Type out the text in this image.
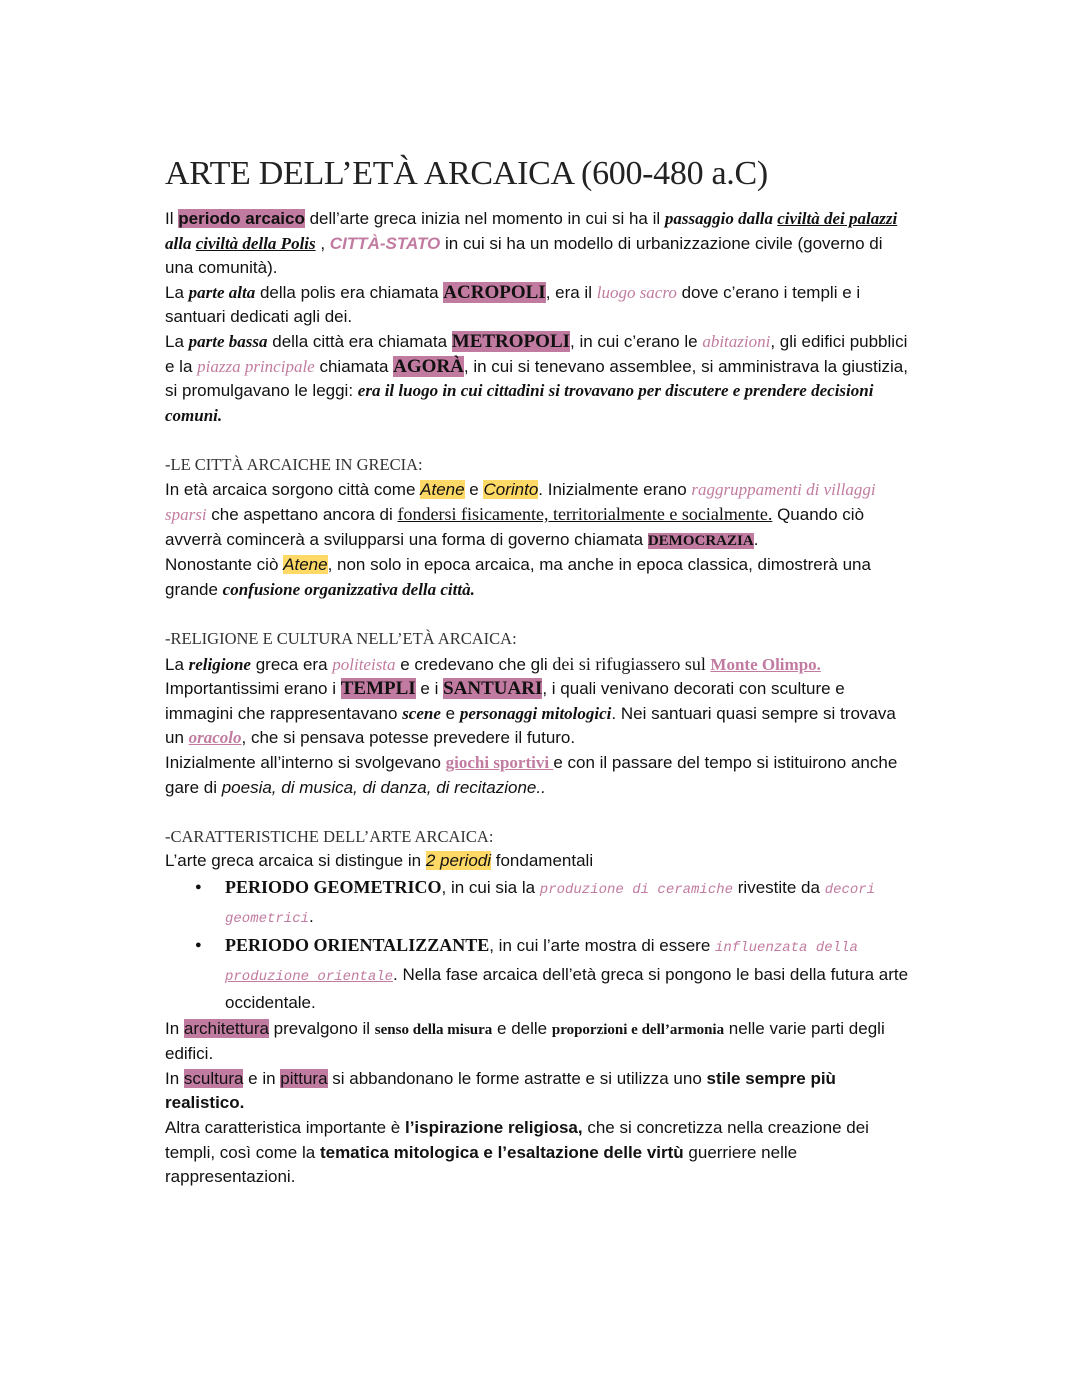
ARTE DELL’ETÀ ARCAICA (600-480 a.C)

Il periodo arcaico dell’arte greca inizia nel momento in cui si ha il passaggio dalla civiltà dei palazzi alla civiltà della Polis , CITTÀ-STATO in cui si ha un modello di urbanizzazione civile (governo di una comunità).

La parte alta della polis era chiamata ACROPOLI, era il luogo sacro dove c’erano i templi e i santuari dedicati agli dei.

La parte bassa della città era chiamata METROPOLI, in cui c’erano le abitazioni, gli edifici pubblici e la piazza principale chiamata AGORÀ, in cui si tenevano assemblee, si amministrava la giustizia, si promulgavano le leggi: era il luogo in cui cittadini si trovavano per discutere e prendere decisioni comuni.

-LE CITTÀ ARCAICHE IN GRECIA:

In età arcaica sorgono città come Atene e Corinto. Inizialmente erano raggruppamenti di villaggi sparsi che aspettano ancora di fondersi fisicamente, territorialmente e socialmente. Quando ciò avverrà comincerà a svilupparsi una forma di governo chiamata DEMOCRAZIA.

Nonostante ciò Atene, non solo in epoca arcaica, ma anche in epoca classica, dimostrerà una grande confusione organizzativa della città.

-RELIGIONE E CULTURA NELL’ETÀ ARCAICA:

La religione greca era politeista e credevano che gli dei si rifugiassero sul Monte Olimpo.

Importantissimi erano i TEMPLI e i SANTUARI, i quali venivano decorati con sculture e immagini che rappresentavano scene e personaggi mitologici. Nei santuari quasi sempre si trovava un oracolo, che si pensava potesse prevedere il futuro.

Inizialmente all’interno si svolgevano giochi sportivi e con il passare del tempo si istituirono anche gare di poesia, di musica, di danza, di recitazione..

-CARATTERISTICHE DELL’ARTE ARCAICA:

L’arte greca arcaica si distingue in 2 periodi fondamentali

● PERIODO GEOMETRICO, in cui sia la produzione di ceramiche rivestite da decori geometrici.
● PERIODO ORIENTALIZZANTE, in cui l’arte mostra di essere influenzata della produzione orientale. Nella fase arcaica dell’età greca si pongono le basi della futura arte occidentale.

In architettura prevalgono il senso della misura e delle proporzioni e dell’armonia nelle varie parti degli edifici.

In scultura e in pittura si abbandonano le forme astratte e si utilizza uno stile sempre più realistico.

Altra caratteristica importante è l’ispirazione religiosa, che si concretizza nella creazione dei templi, così come la tematica mitologica e l’esaltazione delle virtù guerriere nelle rappresentazioni.
